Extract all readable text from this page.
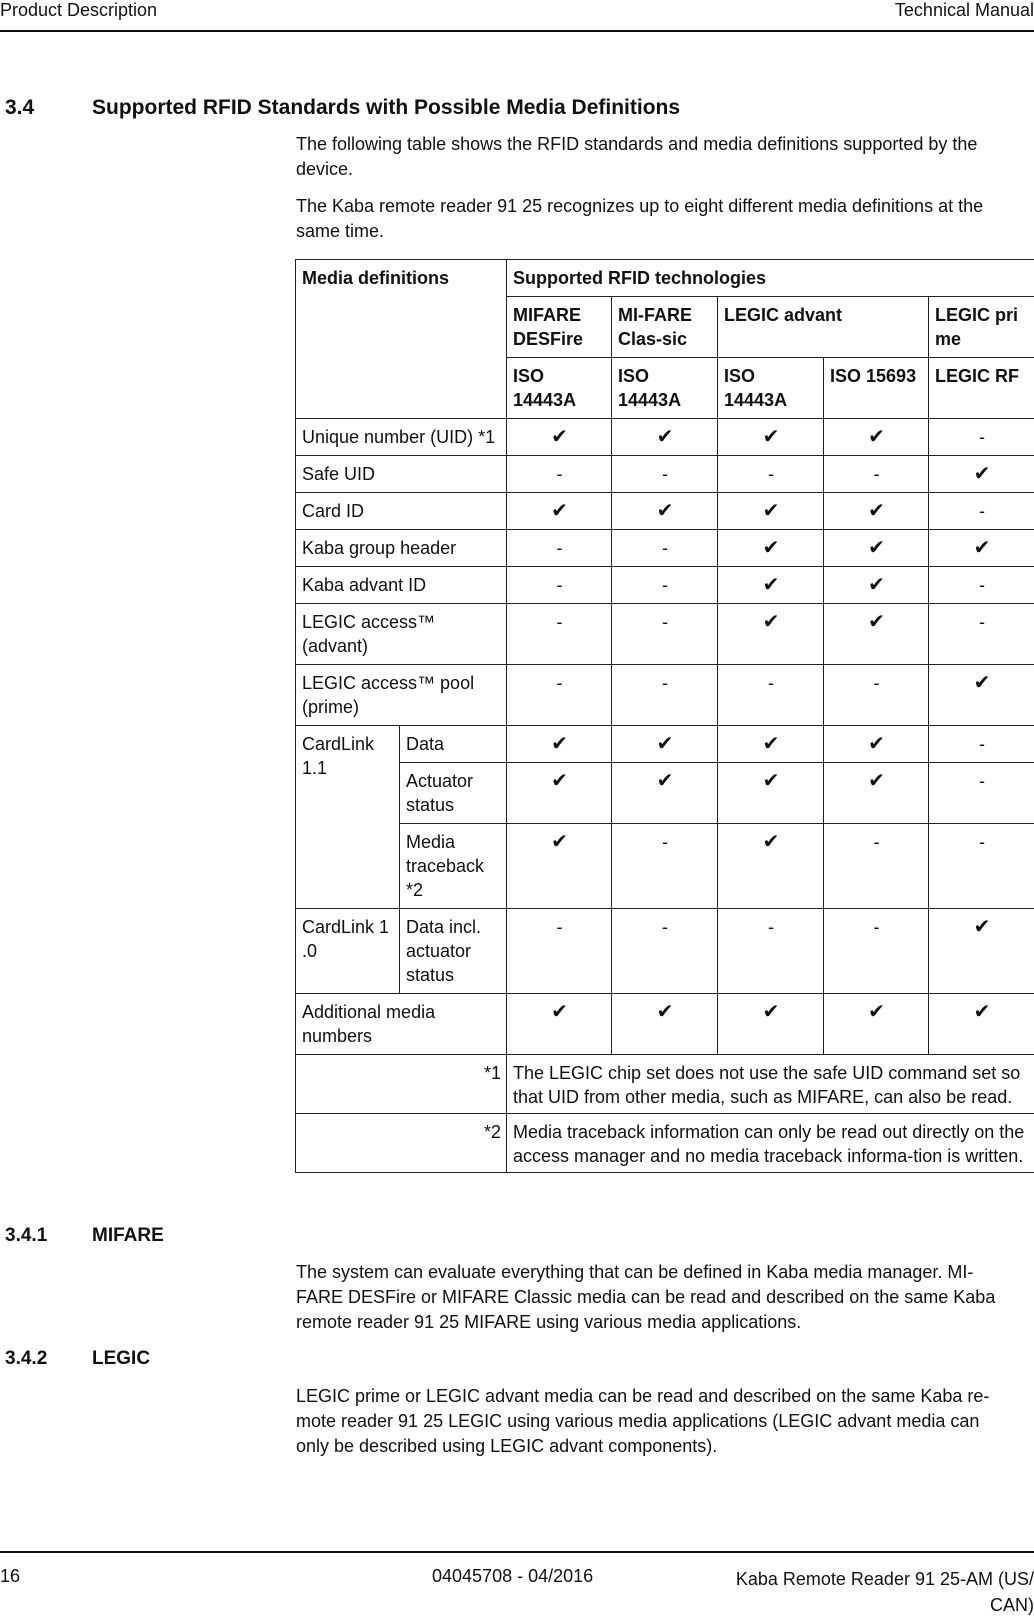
Product Description	Technical Manual
3.4	Supported RFID Standards with Possible Media Definitions
The following table shows the RFID standards and media definitions supported by the device.
The Kaba remote reader 91 25 recognizes up to eight different media definitions at the same time.
Media definitions		Supported RFID technologies				
		MIFARE DESFire	MI-FARE Clas-sic	LEGIC advant		LEGIC pri me
		ISO 14443A	ISO 14443A	ISO 14443A	ISO 15693	LEGIC RF
Unique number (UID) *1		✔	✔	✔	✔	-
Safe UID		-	-	-	-	✔
Card ID		✔	✔	✔	✔	-
Kaba group header		-	-	✔	✔	✔
Kaba advant ID		-	-	✔	✔	-
LEGIC access™ (advant)		-	-	✔	✔	-
LEGIC access™ pool (prime)		-	-	-	-	✔
CardLink 1.1	Data	✔	✔	✔	✔	-
	Actuator status	✔	✔	✔	✔	-
	Media traceback *2	✔	-	✔	-	-
CardLink 1 .0	Data incl. actuator status	-	-	-	-	✔
Additional media numbers		✔	✔	✔	✔	✔
*1		The LEGIC chip set does not use the safe UID command set so that UID from other media, such as MIFARE, can also be read.				
*2		Media traceback information can only be read out directly on the access manager and no media traceback informa-tion is written.				
3.4.1 MIFARE
The system can evaluate everything that can be defined in Kaba media manager. MI-FARE DESFire or MIFARE Classic media can be read and described on the same Kaba remote reader 91 25 MIFARE using various media applications.
3.4.2 LEGIC
LEGIC prime or LEGIC advant media can be read and described on the same Kaba re-mote reader 91 25 LEGIC using various media applications (LEGIC advant media can only be described using LEGIC advant components).
16	04045708 - 04/2016	Kaba Remote Reader 91 25-AM (US/ CAN)
